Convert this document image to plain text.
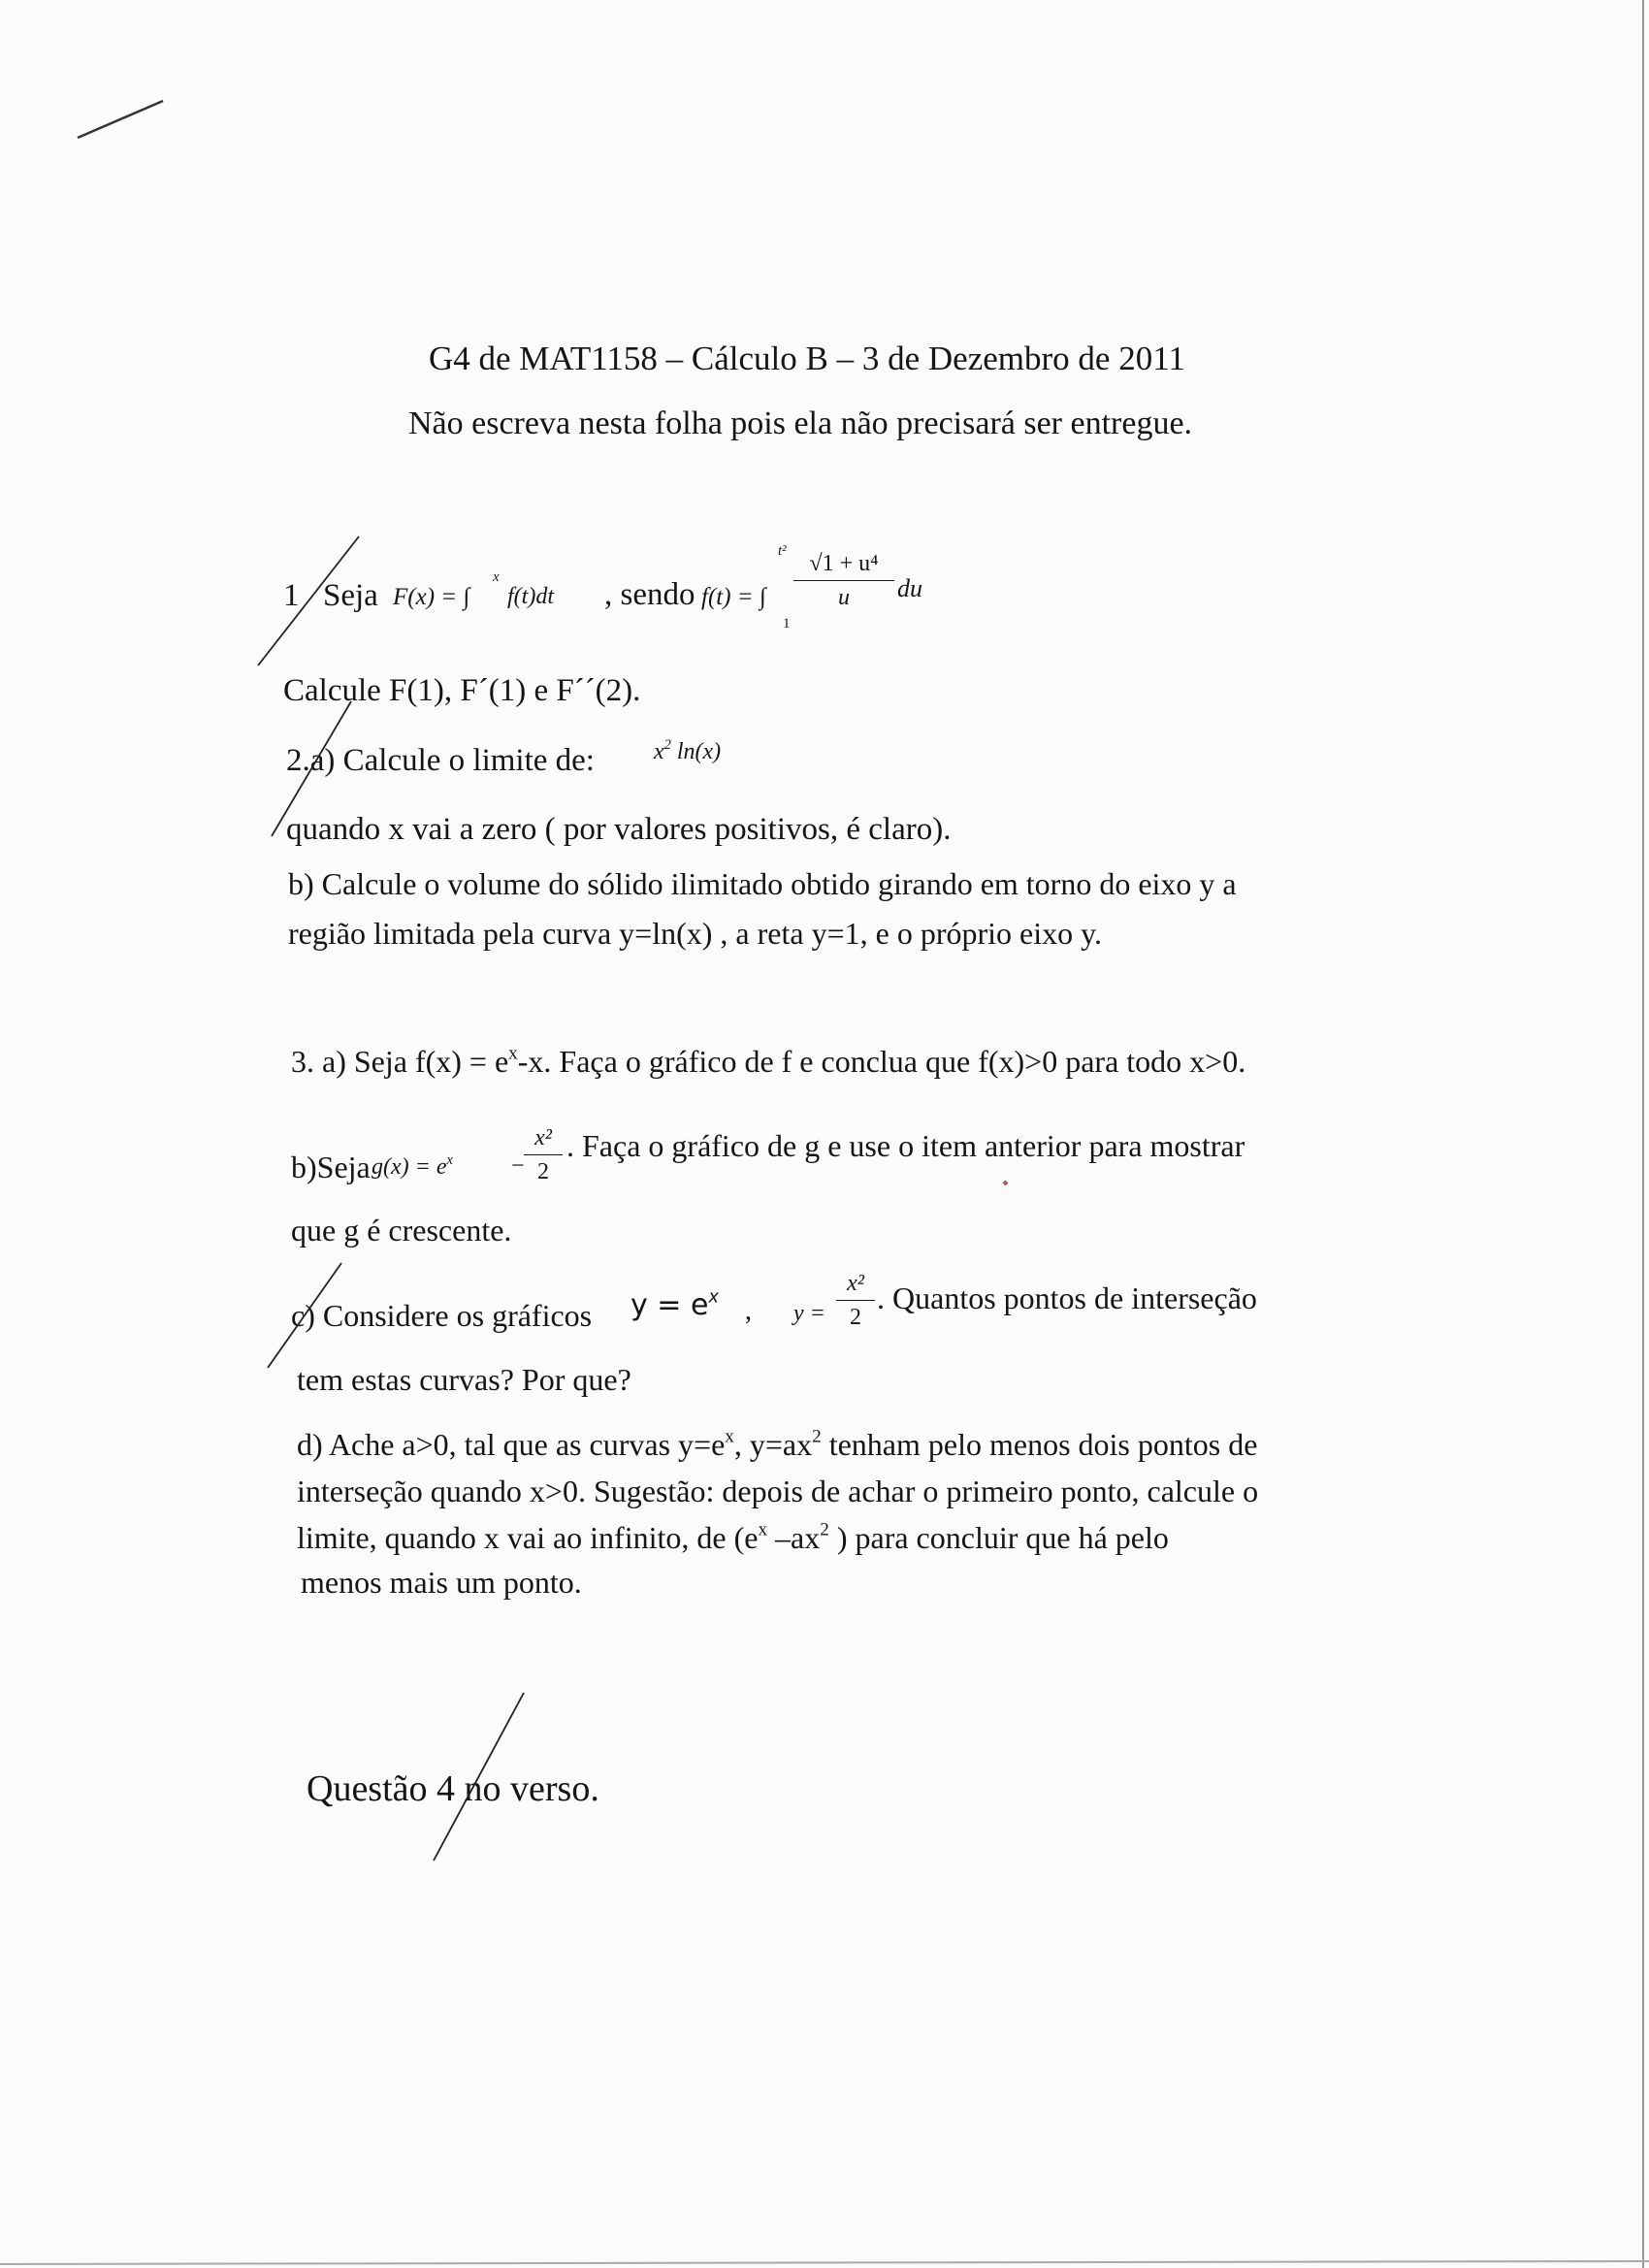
G4 de MAT1158 – Cálculo B – 3 de Dezembro de 2011
Não escreva nesta folha pois ela não precisará ser entregue.
1 Seja F(x) = ∫
x
f(t)dt , sendo f(t) = ∫
t²
1
√1 + u⁴
u	du
Calcule F(1), F´(1) e F´´(2).
2.a) Calcule o limite de:	$x^2$ ln(x)
quando x vai a zero ( por valores positivos, é claro).
b) Calcule o volume do sólido ilimitado obtido girando em torno do eixo y a
região limitada pela curva y=ln(x) , a reta y=1, e o próprio eixo y.
3. a) Seja $f(x) = e^x-x$. Faça o gráfico de f e conclua que f(x)>0 para todo x>0.
b)Seja $g(x) = e^x$	−
x²
2
. Faça o gráfico de g e use o item anterior para mostrar
que g é crescente.
c) Considere os gráficos $y = e^x$ , y =
x²
2
. Quantos pontos de interseção
tem estas curvas? Por que?
d) Ache a>0, tal que as curvas $y=e^x$, $y=ax^2$ tenham pelo menos dois pontos de
interseção quando x>0. Sugestão: depois de achar o primeiro ponto, calcule o
limite, quando x vai ao infinito, de ($e^x$ $-ax^2$ ) para concluir que há pelo
menos mais um ponto.
Questão 4 no verso.
